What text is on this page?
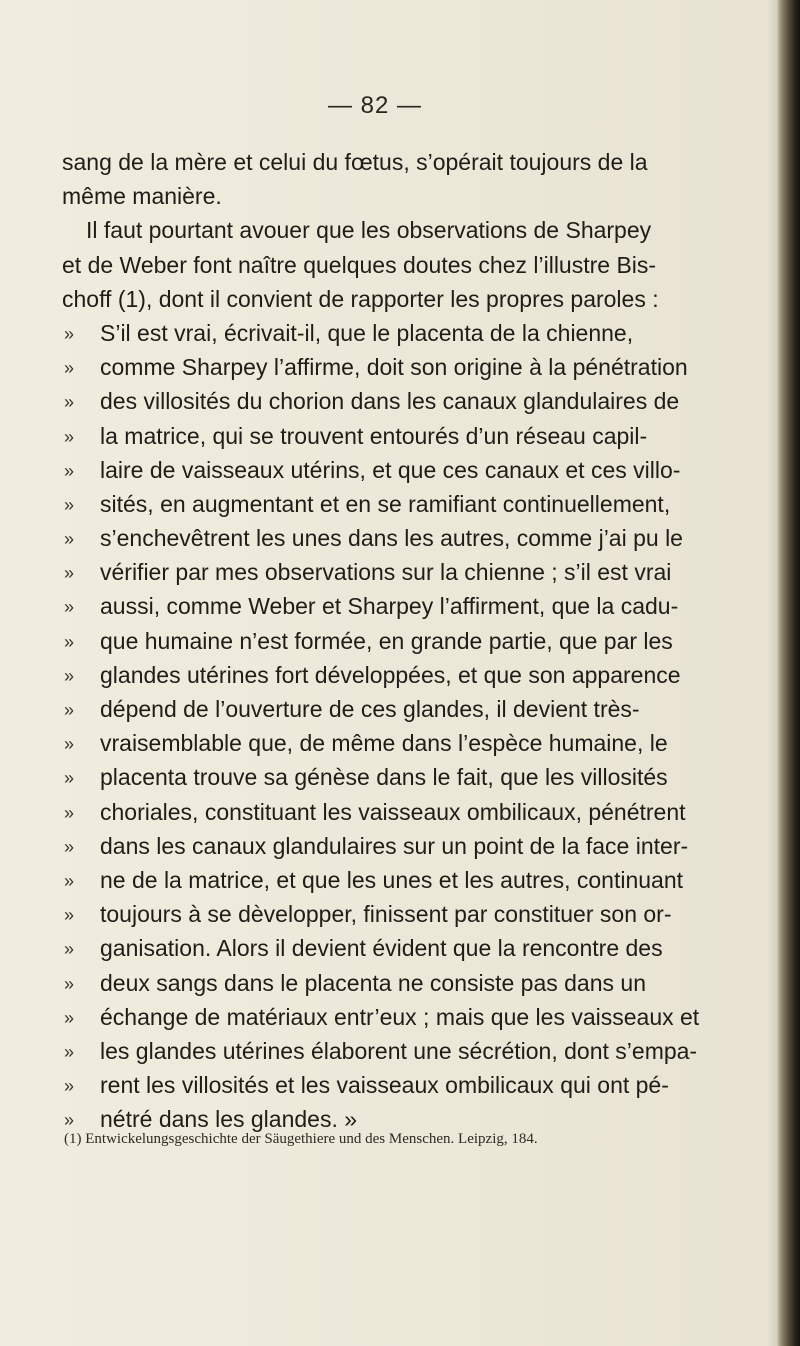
— 82 —
sang de la mère et celui du fœtus, s’opérait toujours de la
même manière.
Il faut pourtant avouer que les observations de Sharpey
et de Weber font naître quelques doutes chez l’illustre Bis-
choff (1), dont il convient de rapporter les propres paroles :
»	S’il est vrai, écrivait-il, que le placenta de la chienne,
»	comme Sharpey l’affirme, doit son origine à la pénétration
»	des villosités du chorion dans les canaux glandulaires de
»	la matrice, qui se trouvent entourés d’un réseau capil-
»	laire de vaisseaux utérins, et que ces canaux et ces villo-
»	sités, en augmentant et en se ramifiant continuellement,
»	s’enchevêtrent les unes dans les autres, comme j’ai pu le
»	vérifier par mes observations sur la chienne ; s’il est vrai
»	aussi, comme Weber et Sharpey l’affirment, que la cadu-
»	que humaine n’est formée, en grande partie, que par les
»	glandes utérines fort développées, et que son apparence
»	dépend de l’ouverture de ces glandes, il devient très-
»	vraisemblable que, de même dans l’espèce humaine, le
»	placenta trouve sa génèse dans le fait, que les villosités
»	choriales, constituant les vaisseaux ombilicaux, pénétrent
»	dans les canaux glandulaires sur un point de la face inter-
»	ne de la matrice, et que les unes et les autres, continuant
»	toujours à se dèvelopper, finissent par constituer son or-
»	ganisation. Alors il devient évident que la rencontre des
»	deux sangs dans le placenta ne consiste pas dans un
»	échange de matériaux entr’eux ; mais que les vaisseaux et
»	les glandes utérines élaborent une sécrétion, dont s’empa-
»	rent les villosités et les vaisseaux ombilicaux qui ont pé-
»	nétré dans les glandes. »
(1) Entwickelungsgeschichte der Säugethiere und des Menschen. Leipzig, 184.
